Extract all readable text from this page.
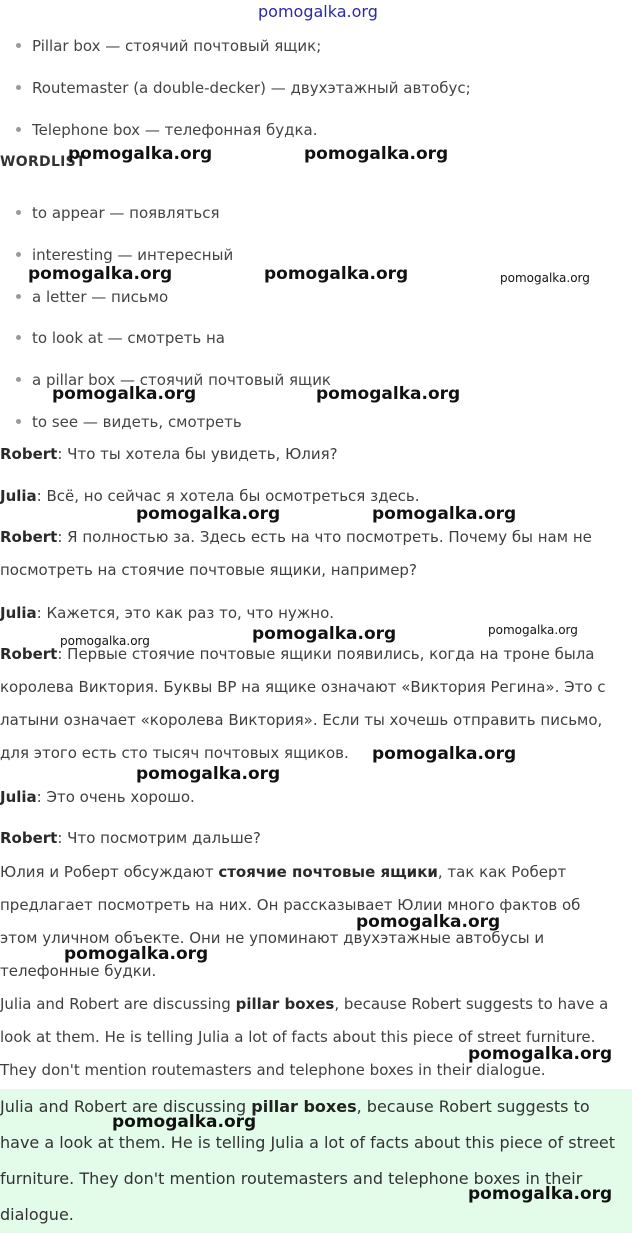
pomogalka.org
Pillar box — стоячий почтовый ящик;
Routemaster (a double-decker) — двухэтажный автобус;
Telephone box — телефонная будка.
WORDLIST
to appear — появляться
interesting — интересный
a letter — письмо
to look at — смотреть на
a pillar box — стоячий почтовый ящик
to see — видеть, смотреть
Robert: Что ты хотела бы увидеть, Юлия?
Julia: Всё, но сейчас я хотела бы осмотреться здесь.
Robert: Я полностью за. Здесь есть на что посмотреть. Почему бы нам не посмотреть на стоячие почтовые ящики, например?
Julia: Кажется, это как раз то, что нужно.
Robert: Первые стоячие почтовые ящики появились, когда на троне была королева Виктория. Буквы BP на ящике означают «Виктория Регина». Это с латыни означает «королева Виктория». Если ты хочешь отправить письмо, для этого есть сто тысяч почтовых ящиков.
Julia: Это очень хорошо.
Robert: Что посмотрим дальше?
Юлия и Роберт обсуждают стоячие почтовые ящики, так как Роберт предлагает посмотреть на них. Он рассказывает Юлии много фактов об этом уличном объекте. Они не упоминают двухэтажные автобусы и телефонные будки.
Julia and Robert are discussing pillar boxes, because Robert suggests to have a look at them. He is telling Julia a lot of facts about this piece of street furniture. They don't mention routemasters and telephone boxes in their dialogue.
Julia and Robert are discussing pillar boxes, because Robert suggests to have a look at them. He is telling Julia a lot of facts about this piece of street furniture. They don't mention routemasters and telephone boxes in their dialogue.
pomogalka.org	pomogalka.org
pomogalka.org	pomogalka.org	pomogalka.org
pomogalka.org	pomogalka.org
pomogalka.org	pomogalka.org
pomogalka.org	pomogalka.org	pomogalka.org
pomogalka.org
pomogalka.org
pomogalka.org
pomogalka.org
pomogalka.org
pomogalka.org
pomogalka.org
